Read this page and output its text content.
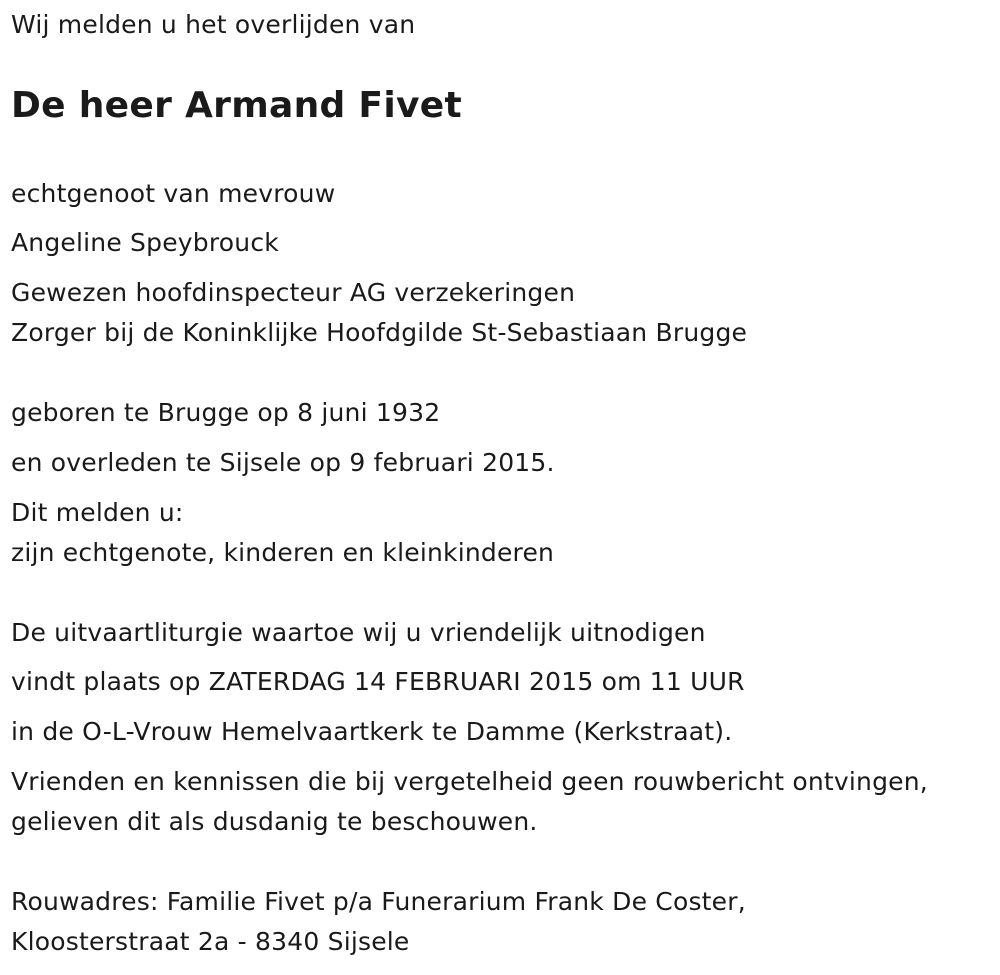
Wij melden u het overlijden van
De heer Armand Fivet
echtgenoot van mevrouw
Angeline Speybrouck
Gewezen hoofdinspecteur AG verzekeringen
Zorger bij de Koninklijke Hoofdgilde St-Sebastiaan Brugge
geboren te Brugge op 8 juni 1932
en overleden te Sijsele op 9 februari 2015.
Dit melden u:
zijn echtgenote, kinderen en kleinkinderen
De uitvaartliturgie waartoe wij u vriendelijk uitnodigen
vindt plaats op ZATERDAG 14 FEBRUARI 2015 om 11 UUR
in de O-L-Vrouw Hemelvaartkerk te Damme (Kerkstraat).
Vrienden en kennissen die bij vergetelheid geen rouwbericht ontvingen,
gelieven dit als dusdanig te beschouwen.
Rouwadres: Familie Fivet p/a Funerarium Frank De Coster,
Kloosterstraat 2a - 8340 Sijsele
